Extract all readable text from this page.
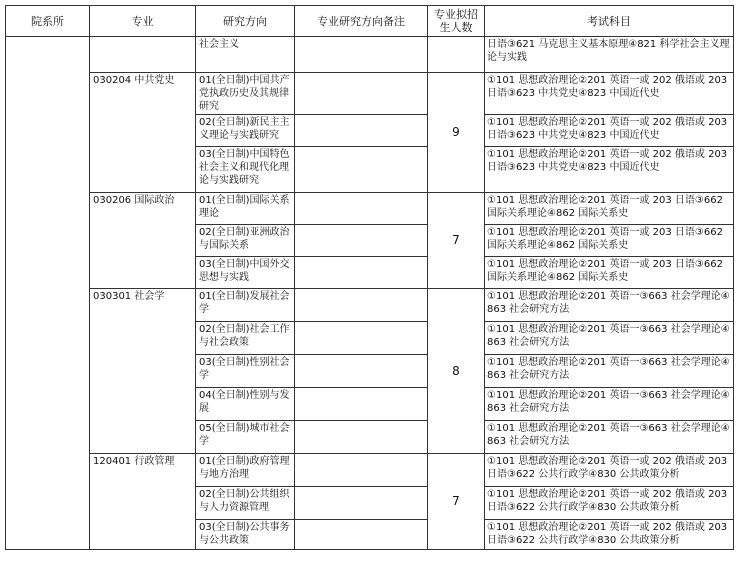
院系所	专业	研究方向	专业研究方向备注	专业拟招生人数	考试科目
		社会主义			日语③621 马克思主义基本原理④821 科学社会主义理论与实践
	030204 中共党史	01(全日制)中国共产党执政历史及其规律研究		9	①101 思想政治理论②201 英语一或 202 俄语或 203 日语③623 中共党史④823 中国近代史
		02(全日制)新民主主义理论与实践研究			①101 思想政治理论②201 英语一或 202 俄语或 203 日语③623 中共党史④823 中国近代史
		03(全日制)中国特色社会主义和现代化理论与实践研究			①101 思想政治理论②201 英语一或 202 俄语或 203 日语③623 中共党史④823 中国近代史
	030206 国际政治	01(全日制)国际关系理论		7	①101 思想政治理论②201 英语一或 203 日语③662 国际关系理论④862 国际关系史
		02(全日制)亚洲政治与国际关系			①101 思想政治理论②201 英语一或 203 日语③662 国际关系理论④862 国际关系史
		03(全日制)中国外交思想与实践			①101 思想政治理论②201 英语一或 203 日语③662 国际关系理论④862 国际关系史
	030301 社会学	01(全日制)发展社会学		8	①101 思想政治理论②201 英语一③663 社会学理论④863 社会研究方法
		02(全日制)社会工作与社会政策			①101 思想政治理论②201 英语一③663 社会学理论④863 社会研究方法
		03(全日制)性别社会学			①101 思想政治理论②201 英语一③663 社会学理论④863 社会研究方法
		04(全日制)性别与发展			①101 思想政治理论②201 英语一③663 社会学理论④863 社会研究方法
		05(全日制)城市社会学			①101 思想政治理论②201 英语一③663 社会学理论④863 社会研究方法
	120401 行政管理	01(全日制)政府管理与地方治理		7	①101 思想政治理论②201 英语一或 202 俄语或 203 日语③622 公共行政学④830 公共政策分析
		02(全日制)公共组织与人力资源管理			①101 思想政治理论②201 英语一或 202 俄语或 203 日语③622 公共行政学④830 公共政策分析
		03(全日制)公共事务与公共政策			①101 思想政治理论②201 英语一或 202 俄语或 203 日语③622 公共行政学④830 公共政策分析
